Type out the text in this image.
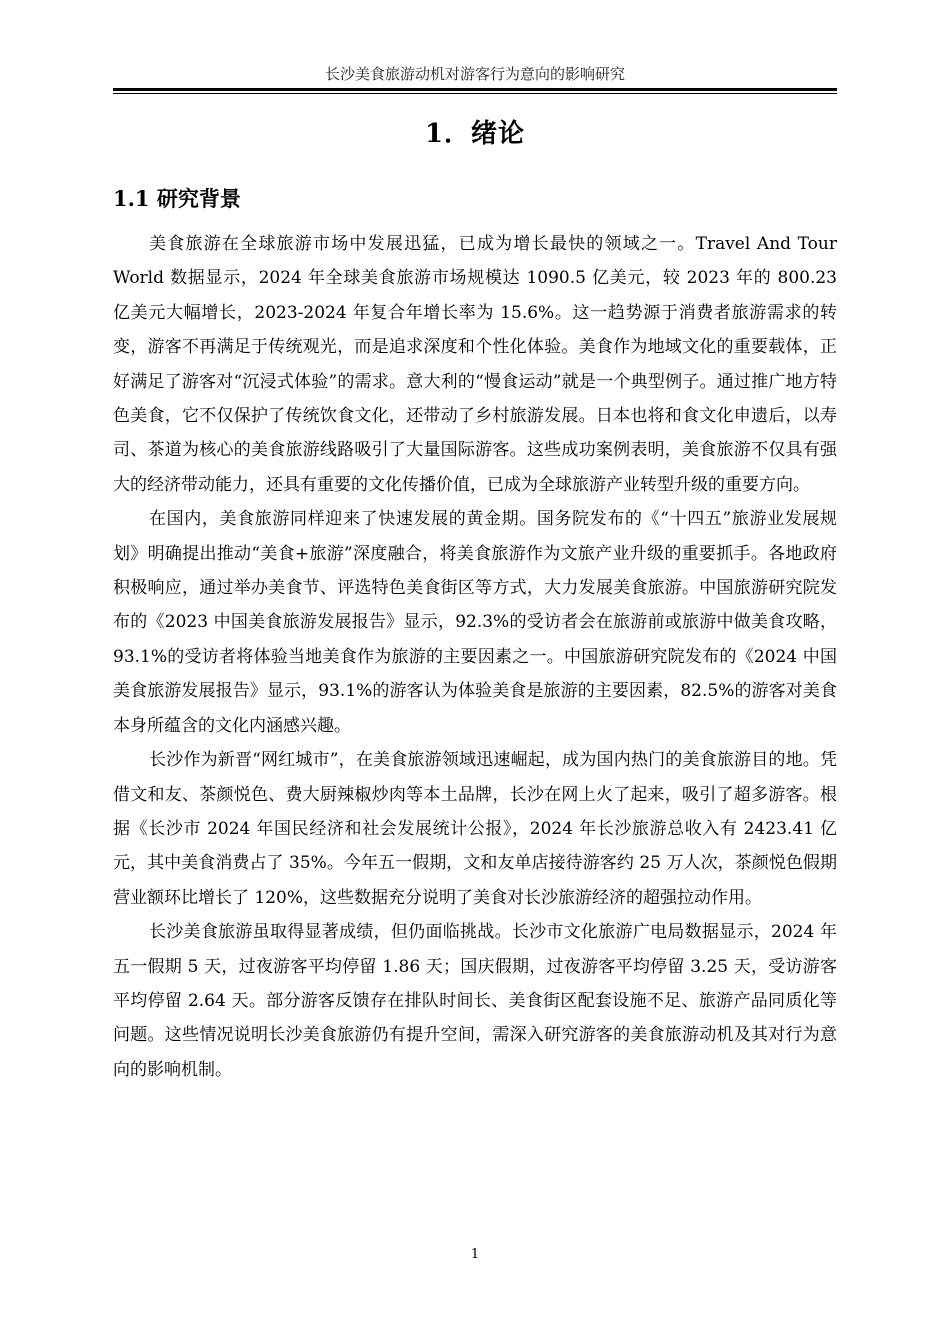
长沙美食旅游动机对游客行为意向的影响研究
1．绪论
1.1 研究背景

美食旅游在全球旅游市场中发展迅猛，已成为增长最快的领域之一。Travel And Tour World 数据显示，2024 年全球美食旅游市场规模达 1090.5 亿美元，较 2023 年的 800.23 亿美元大幅增长，2023-2024 年复合年增长率为 15.6%。这一趋势源于消费者旅游需求的转变，游客不再满足于传统观光，而是追求深度和个性化体验。美食作为地域文化的重要载体，正好满足了游客对“沉浸式体验”的需求。意大利的“慢食运动”就是一个典型例子。通过推广地方特色美食，它不仅保护了传统饮食文化，还带动了乡村旅游发展。日本也将和食文化申遗后，以寿司、茶道为核心的美食旅游线路吸引了大量国际游客。这些成功案例表明，美食旅游不仅具有强大的经济带动能力，还具有重要的文化传播价值，已成为全球旅游产业转型升级的重要方向。

在国内，美食旅游同样迎来了快速发展的黄金期。国务院发布的《“十四五”旅游业发展规划》明确提出推动“美食+旅游”深度融合，将美食旅游作为文旅产业升级的重要抓手。各地政府积极响应，通过举办美食节、评选特色美食街区等方式，大力发展美食旅游。中国旅游研究院发布的《2023 中国美食旅游发展报告》显示，92.3%的受访者会在旅游前或旅游中做美食攻略，93.1%的受访者将体验当地美食作为旅游的主要因素之一。中国旅游研究院发布的《2024 中国美食旅游发展报告》显示，93.1%的游客认为体验美食是旅游的主要因素，82.5%的游客对美食本身所蕴含的文化内涵感兴趣。

长沙作为新晋“网红城市”，在美食旅游领域迅速崛起，成为国内热门的美食旅游目的地。凭借文和友、茶颜悦色、费大厨辣椒炒肉等本土品牌，长沙在网上火了起来，吸引了超多游客。根据《长沙市 2024 年国民经济和社会发展统计公报》，2024 年长沙旅游总收入有 2423.41 亿元，其中美食消费占了 35%。今年五一假期，文和友单店接待游客约 25 万人次，茶颜悦色假期营业额环比增长了 120%，这些数据充分说明了美食对长沙旅游经济的超强拉动作用。

长沙美食旅游虽取得显著成绩，但仍面临挑战。长沙市文化旅游广电局数据显示，2024 年五一假期 5 天，过夜游客平均停留 1.86 天；国庆假期，过夜游客平均停留 3.25 天，受访游客平均停留 2.64 天。部分游客反馈存在排队时间长、美食街区配套设施不足、旅游产品同质化等问题。这些情况说明长沙美食旅游仍有提升空间，需深入研究游客的美食旅游动机及其对行为意向的影响机制。

1
